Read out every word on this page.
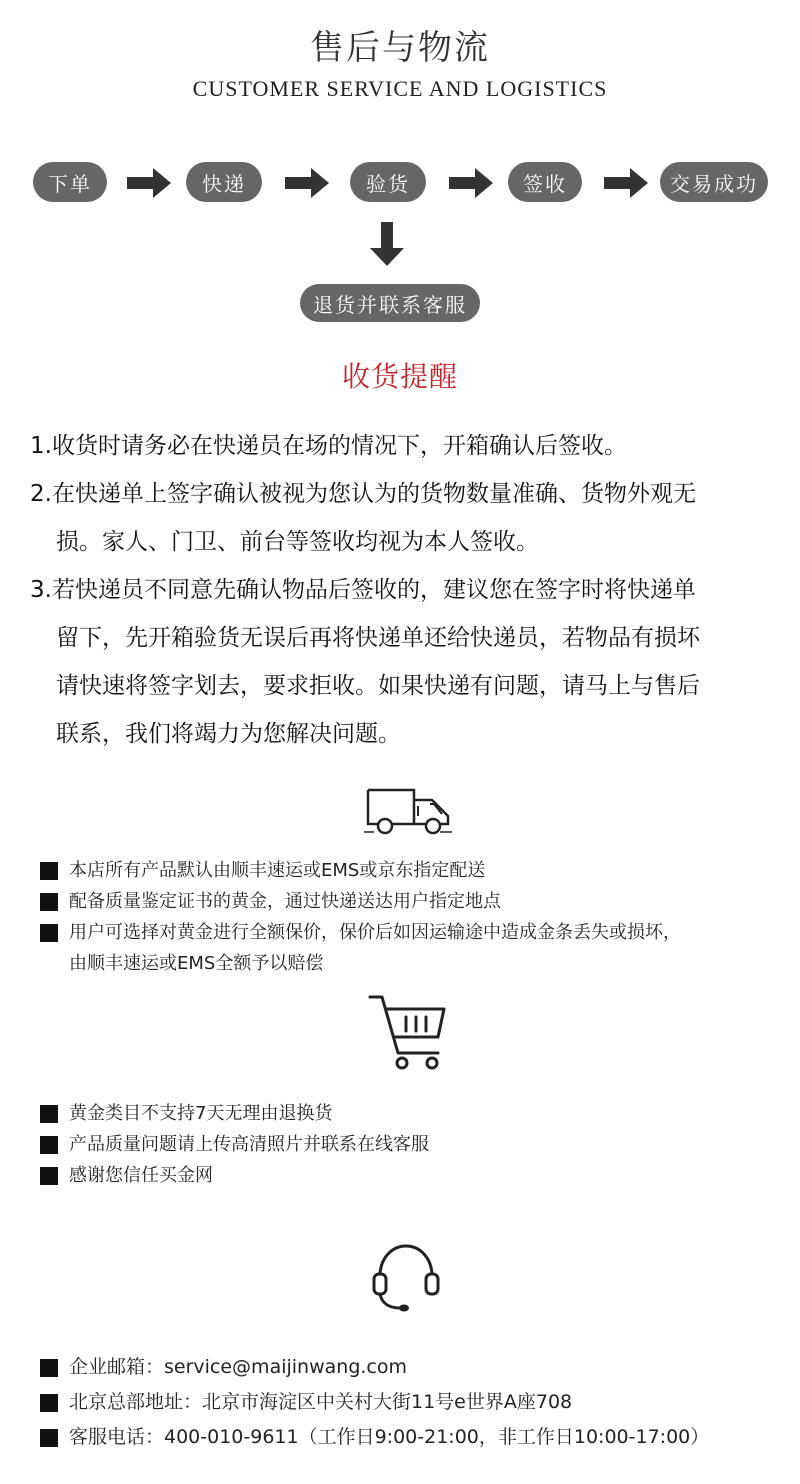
售后与物流
CUSTOMER SERVICE AND LOGISTICS
下单	快递	验货	签收	交易成功
退货并联系客服
收货提醒
1.收货时请务必在快递员在场的情况下，开箱确认后签收。
2.在快递单上签字确认被视为您认为的货物数量准确、货物外观无
损。家人、门卫、前台等签收均视为本人签收。
3.若快递员不同意先确认物品后签收的，建议您在签字时将快递单
留下，先开箱验货无误后再将快递单还给快递员，若物品有损坏
请快速将签字划去，要求拒收。如果快递有问题，请马上与售后
联系，我们将竭力为您解决问题。
本店所有产品默认由顺丰速运或EMS或京东指定配送
配备质量鉴定证书的黄金，通过快递送达用户指定地点
用户可选择对黄金进行全额保价，保价后如因运输途中造成金条丢失或损坏，
由顺丰速运或EMS全额予以赔偿
黄金类目不支持7天无理由退换货
产品质量问题请上传高清照片并联系在线客服
感谢您信任买金网
企业邮箱：service@maijinwang.com
北京总部地址：北京市海淀区中关村大街11号e世界A座708
客服电话：400-010-9611（工作日9:00-21:00，非工作日10:00-17:00）
